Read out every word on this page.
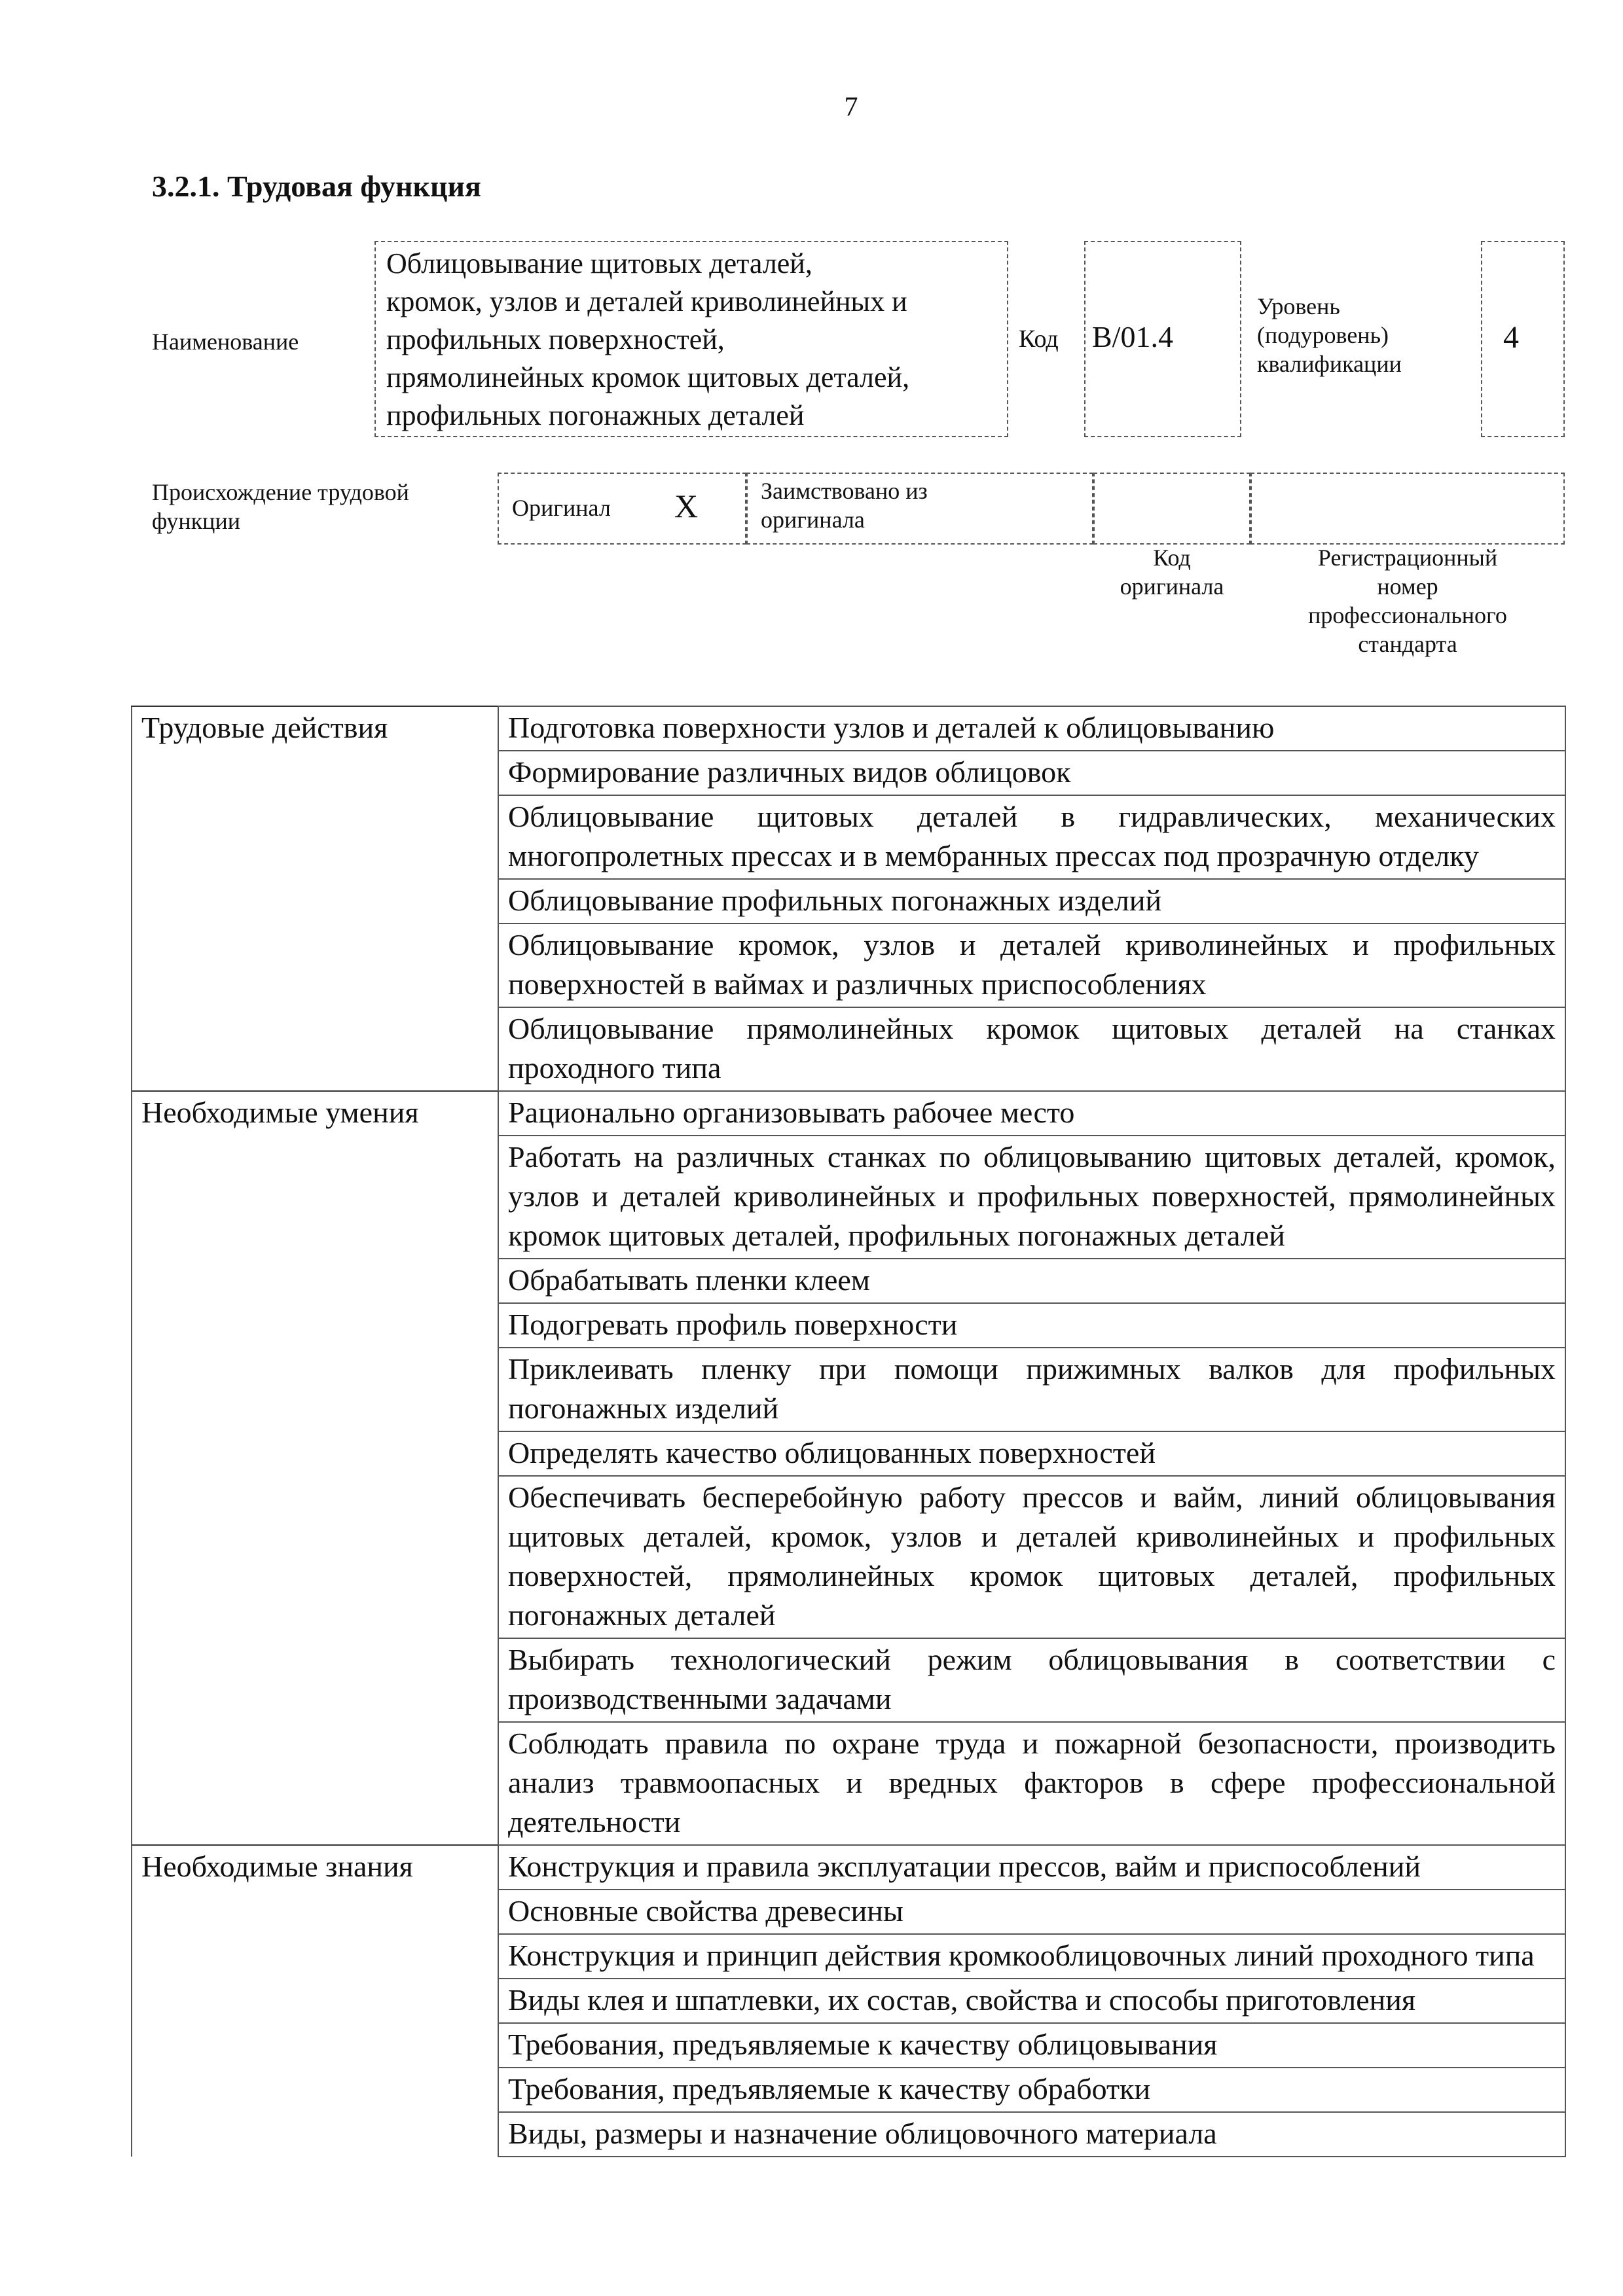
7
3.2.1. Трудовая функция
Наименование
Облицовывание щитовых деталей,
кромок, узлов и деталей криволинейных и
профильных поверхностей,
прямолинейных кромок щитовых деталей,
профильных погонажных деталей
Код B/01.4
Уровень
(подуровень)
квалификации
4
Происхождение трудовой
функции	Оригинал X	Заимствовано из
оригинала
Код
оригинала
Регистрационный
номер
профессионального
стандарта
Трудовые действия	Подготовка поверхности узлов и деталей к облицовыванию
	Формирование различных видов облицовок
	Облицовывание щитовых деталей в гидравлических, механических многопролетных прессах и в мембранных прессах под прозрачную отделку
	Облицовывание профильных погонажных изделий
	Облицовывание кромок, узлов и деталей криволинейных и профильных поверхностей в ваймах и различных приспособлениях
	Облицовывание прямолинейных кромок щитовых деталей на станках проходного типа
Необходимые умения	Рационально организовывать рабочее место
	Работать на различных станках по облицовыванию щитовых деталей, кромок, узлов и деталей криволинейных и профильных поверхностей, прямолинейных кромок щитовых деталей, профильных погонажных деталей
	Обрабатывать пленки клеем
	Подогревать профиль поверхности
	Приклеивать пленку при помощи прижимных валков для профильных погонажных изделий
	Определять качество облицованных поверхностей
	Обеспечивать бесперебойную работу прессов и вайм, линий облицовывания щитовых деталей, кромок, узлов и деталей криволинейных и профильных поверхностей, прямолинейных кромок щитовых деталей, профильных погонажных деталей
	Выбирать технологический режим облицовывания в соответствии с производственными задачами
	Соблюдать правила по охране труда и пожарной безопасности, производить анализ травмоопасных и вредных факторов в сфере профессиональной деятельности
Необходимые знания	Конструкция и правила эксплуатации прессов, вайм и приспособлений
	Основные свойства древесины
	Конструкция и принцип действия кромкооблицовочных линий проходного типа
	Виды клея и шпатлевки, их состав, свойства и способы приготовления
	Требования, предъявляемые к качеству облицовывания
	Требования, предъявляемые к качеству обработки
	Виды, размеры и назначение облицовочного материала
